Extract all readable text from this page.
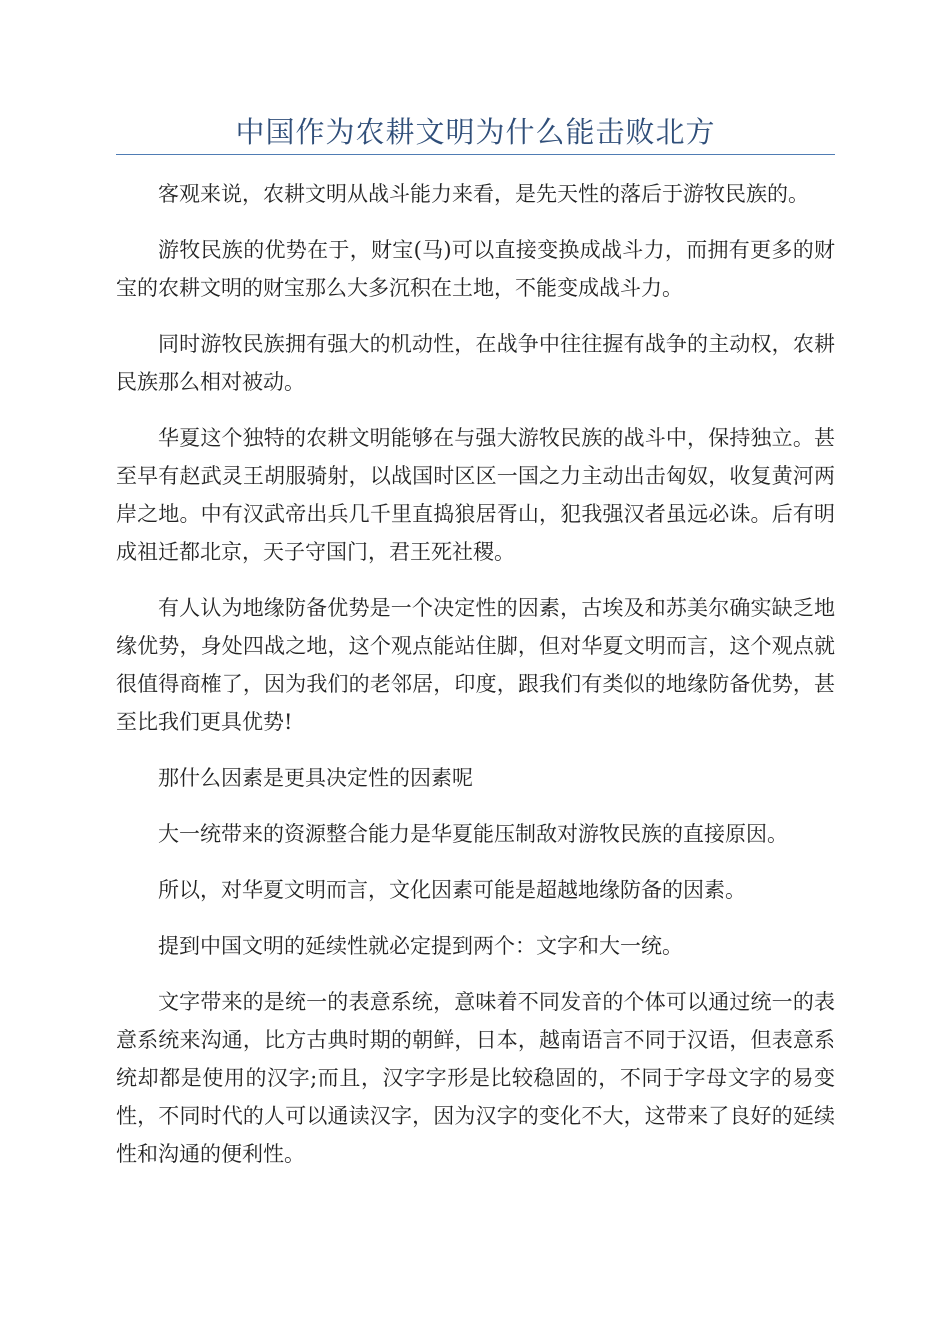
中国作为农耕文明为什么能击败北方

客观来说，农耕文明从战斗能力来看，是先天性的落后于游牧民族的。

游牧民族的优势在于，财宝(马)可以直接变换成战斗力，而拥有更多的财宝的农耕文明的财宝那么大多沉积在土地，不能变成战斗力。

同时游牧民族拥有强大的机动性，在战争中往往握有战争的主动权，农耕民族那么相对被动。

华夏这个独特的农耕文明能够在与强大游牧民族的战斗中，保持独立。甚至早有赵武灵王胡服骑射，以战国时区区一国之力主动出击匈奴，收复黄河两岸之地。中有汉武帝出兵几千里直捣狼居胥山，犯我强汉者虽远必诛。后有明成祖迁都北京，天子守国门，君王死社稷。

有人认为地缘防备优势是一个决定性的因素，古埃及和苏美尔确实缺乏地缘优势，身处四战之地，这个观点能站住脚，但对华夏文明而言，这个观点就很值得商榷了，因为我们的老邻居，印度，跟我们有类似的地缘防备优势，甚至比我们更具优势!

那什么因素是更具决定性的因素呢

大一统带来的资源整合能力是华夏能压制敌对游牧民族的直接原因。

所以，对华夏文明而言，文化因素可能是超越地缘防备的因素。

提到中国文明的延续性就必定提到两个：文字和大一统。

文字带来的是统一的表意系统，意味着不同发音的个体可以通过统一的表意系统来沟通，比方古典时期的朝鲜，日本，越南语言不同于汉语，但表意系统却都是使用的汉字;而且，汉字字形是比较稳固的，不同于字母文字的易变性，不同时代的人可以通读汉字，因为汉字的变化不大，这带来了良好的延续性和沟通的便利性。
